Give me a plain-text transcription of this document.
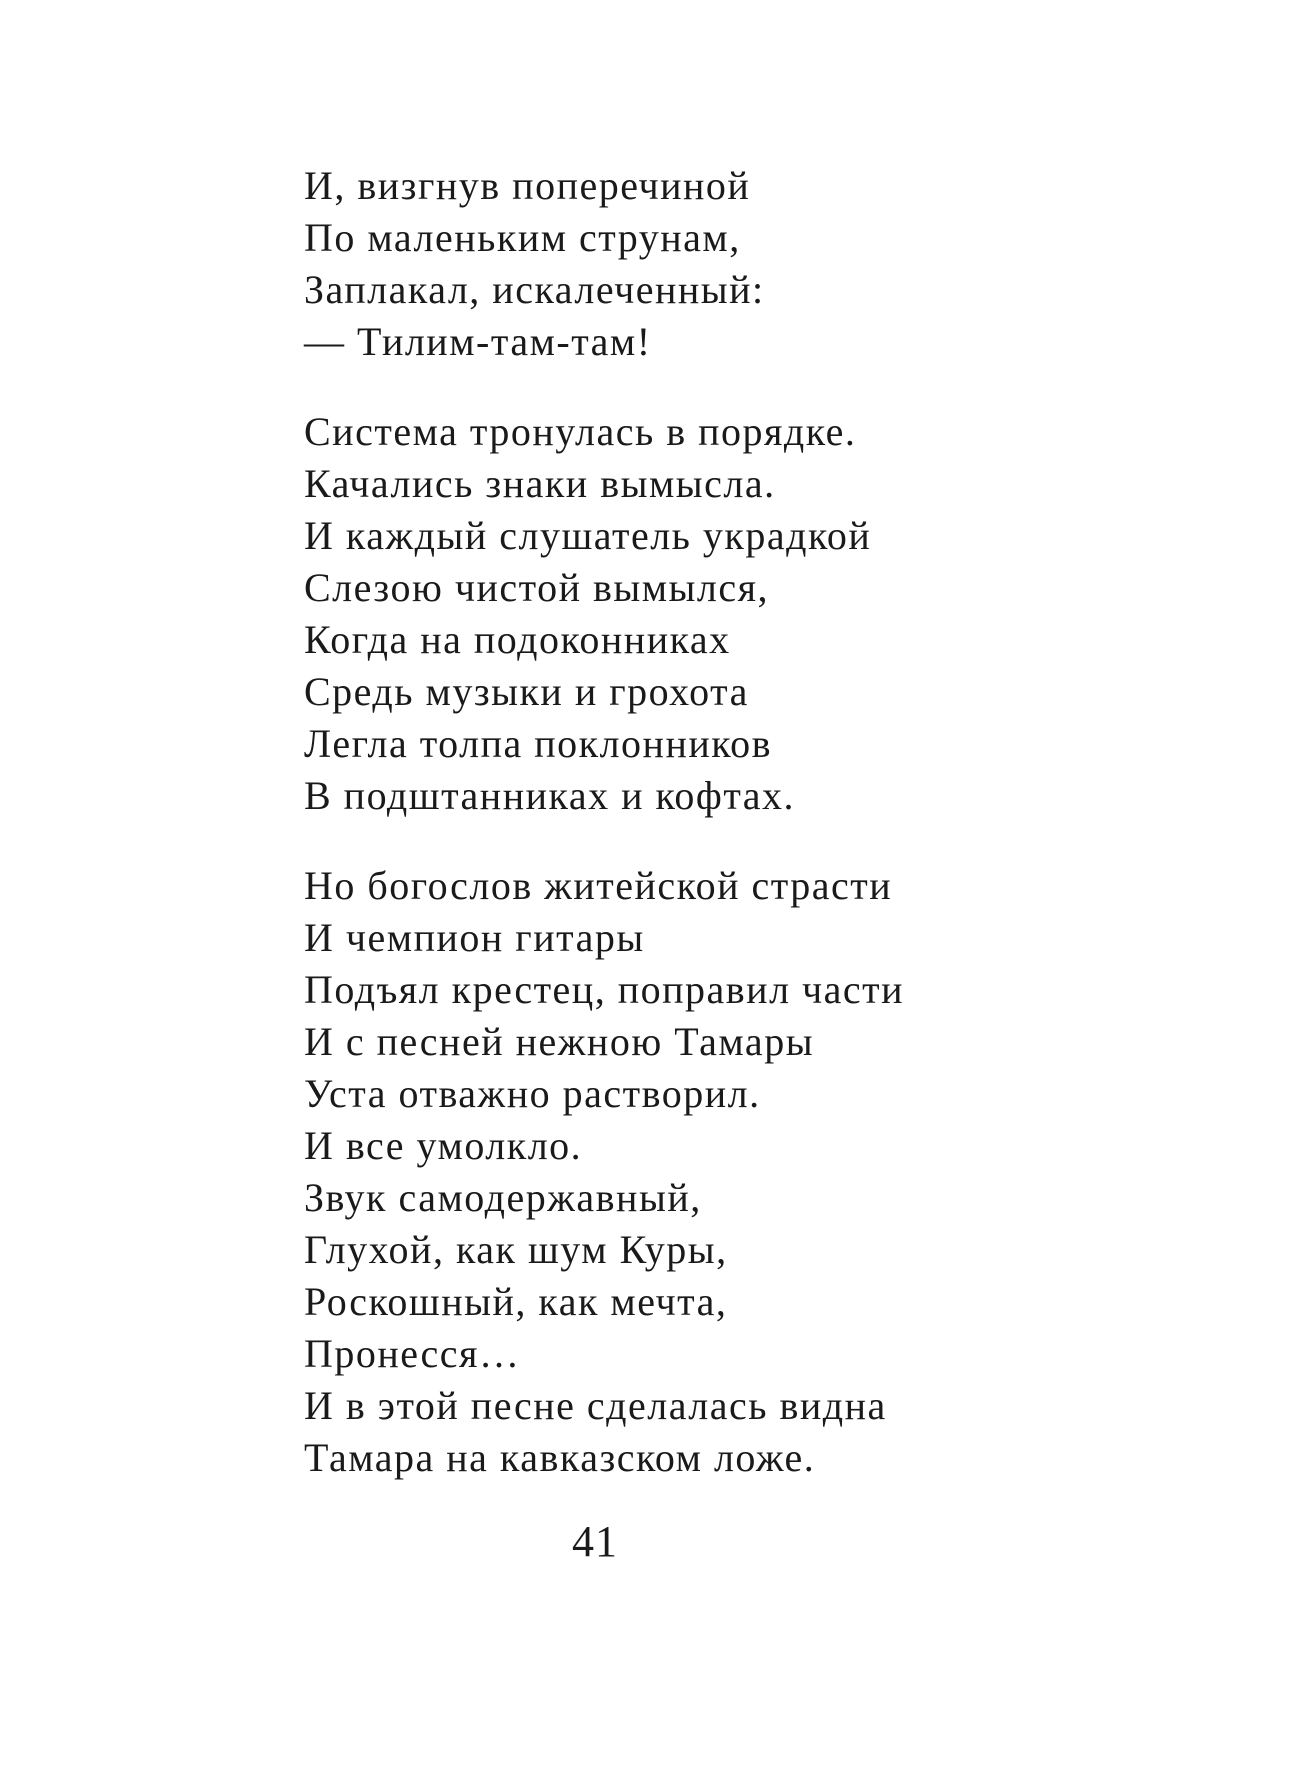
И, визгнув поперечиной
По маленьким струнам,
Заплакал, искалеченный:
— Тилим-там-там!
Система тронулась в порядке.
Качались знаки вымысла.
И каждый слушатель украдкой
Слезою чистой вымылся,
Когда на подоконниках
Средь музыки и грохота
Легла толпа поклонников
В подштанниках и кофтах.
Но богослов житейской страсти
И чемпион гитары
Подъял крестец, поправил части
И с песней нежною Тамары
Уста отважно растворил.
И все умолкло.
Звук самодержавный,
Глухой, как шум Куры,
Роскошный, как мечта,
Пронесся…
И в этой песне сделалась видна
Тамара на кавказском ложе.
41
